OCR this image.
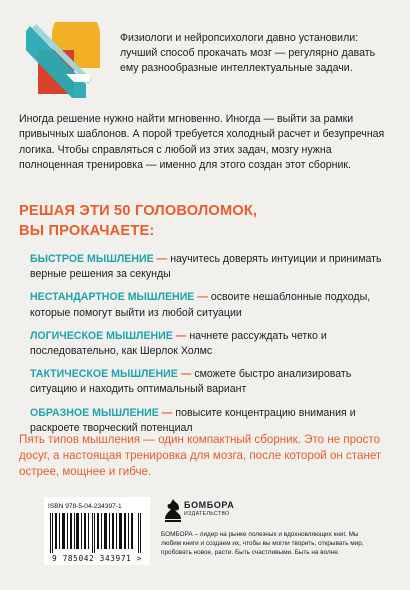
Физиологи и нейропсихологи давно установили: лучший способ прокачать мозг — регулярно давать ему разнообразные интеллектуальные задачи.
Иногда решение нужно найти мгновенно. Иногда — выйти за рамки привычных шаблонов. А порой требуется холодный расчет и безупречная логика. Чтобы справляться с любой из этих задач, мозгу нужна полноценная тренировка — именно для этого создан этот сборник.
РЕШАЯ ЭТИ 50 ГОЛОВОЛОМОК,
ВЫ ПРОКАЧАЕТЕ:
БЫСТРОЕ МЫШЛЕНИЕ — научитесь доверять интуиции и принимать верные решения за секунды
НЕСТАНДАРТНОЕ МЫШЛЕНИЕ — освоите нешаблонные подходы, которые помогут выйти из любой ситуации
ЛОГИЧЕСКОЕ МЫШЛЕНИЕ — начнете рассуждать четко и последовательно, как Шерлок Холмс
ТАКТИЧЕСКОЕ МЫШЛЕНИЕ — сможете быстро анализировать ситуацию и находить оптимальный вариант
ОБРАЗНОЕ МЫШЛЕНИЕ — повысите концентрацию внимания и раскроете творческий потенциал
Пять типов мышления — один компактный сборник. Это не просто досуг, а настоящая тренировка для мозга, после которой он станет острее, мощнее и гибче.
ISBN 978-5-04-234397-1
9 785042 343971 >
БОМБОРА
ИЗДАТЕЛЬСТВО
БОМБОРА – лидер на рынке полезных и вдохновляющих книг. Мы любим книги и создаем их, чтобы вы могли творить, открывать мир, пробовать новое, расти. Быть счастливыми. Быть на волне.
